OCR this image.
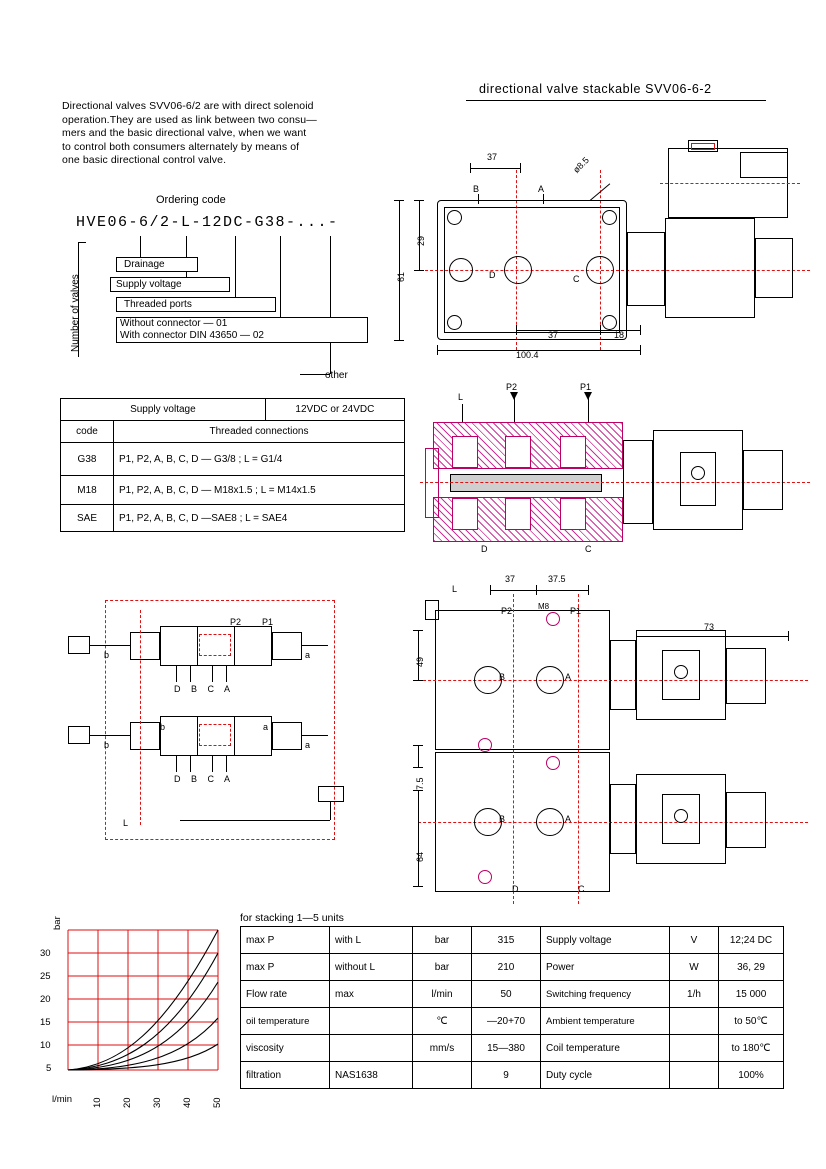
directional valve stackable SVV06-6-2
Directional valves SVV06-6/2 are with direct solenoid
operation.They are used as link between two consu—
mers and the basic directional valve, when we want
to control both consumers alternately by means of
one basic directional control valve.
Ordering code
HVE06-6/2-L-12DC-G38-...-
Number of valves
Drainage
Supply voltage
Threaded ports
Without connector — 01
With connector DIN 43650 — 02
other
Supply voltage		12VDC or 24VDC
code	Threaded connections	
G38	P1, P2, A, B, C, D — G3/8 ; L = G1/4	
M18	P1, P2, A, B, C, D — M18x1.5 ; L = M14x1.5	
SAE	P1, P2, A, B, C, D —SAE8 ; L = SAE4	
B	A
D	C
37
61
29
37	18
100.4
ø8.5
L
P2	P1
D	C
B	A
B	A
D	C
L
P2	P1
M8
37	37.5
73
49
7.5
64
P2 P1
b	a
b
b	a
a
L
D B C A
D B C A
bar
l/min
5
10
15
20
25
30
10 20 30 40 50
for stacking 1—5 units
max P	with L	bar	315	Supply voltage	V	12;24 DC
max P	without L	bar	210	Power	W	36, 29
Flow rate	max	l/min	50	Switching frequency	1/h	15 000
oil temperature		℃	—20+70	Ambient temperature		to 50℃
viscosity		mm/s	15—380	Coil temperature		to 180℃
filtration	NAS1638		9	Duty cycle		100%
